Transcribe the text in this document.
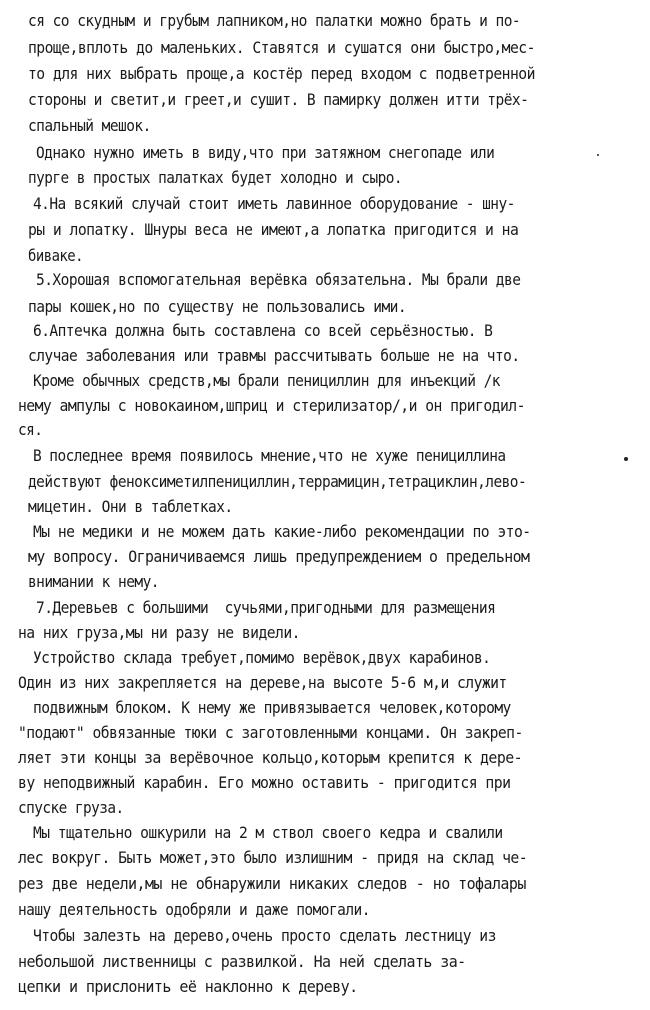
ся со скудным и грубым лапником,но палатки можно брать и по-
проще,вплоть до маленьких. Ставятся и сушатся они быстро,мес-
то для них выбрать проще,а костёр перед входом с подветренной
стороны и светит,и греет,и сушит. В памирку должен итти трёх-
спальный мешок.
Однако нужно иметь в виду,что при затяжном снегопаде или
пурге в простых палатках будет холодно и сыро.
4.На всякий случай стоит иметь лавинное оборудование - шну-
ры и лопатку. Шнуры веса не имеют,а лопатка пригодится и на
биваке.
5.Хорошая вспомогательная верёвка обязательна. Мы брали две
пары кошек,но по существу не пользовались ими.
6.Аптечка должна быть составлена со всей серьёзностью. В
случае заболевания или травмы рассчитывать больше не на что.
Кроме обычных средств,мы брали пенициллин для инъекций /к
нему ампулы с новокаином,шприц и стерилизатор/,и он пригодил-
ся.
В последнее время появилось мнение,что не хуже пенициллина
действуют феноксиметилпенициллин,террамицин,тетрациклин,лево-
мицетин. Они в таблетках.
Мы не медики и не можем дать какие-либо рекомендации по это-
му вопросу. Ограничиваемся лишь предупреждением о предельном
внимании к нему.
7.Деревьев с большими  сучьями,пригодными для размещения
на них груза,мы ни разу не видели.
Устройство склада требует,помимо верёвок,двух карабинов.
Один из них закрепляется на дереве,на высоте 5-6 м,и служит
подвижным блоком. К нему же привязывается человек,которому
"подают" обвязанные тюки с заготовленными концами. Он закреп-
ляет эти концы за верёвочное кольцо,которым крепится к дере-
ву неподвижный карабин. Его можно оставить - пригодится при
спуске груза.
Мы тщательно ошкурили на 2 м ствол своего кедра и свалили
лес вокруг. Быть может,это было излишним - придя на склад че-
рез две недели,мы не обнаружили никаких следов - но тофалары
нашу деятельность одобряли и даже помогали.
Чтобы залезть на дерево,очень просто сделать лестницу из
небольшой лиственницы с развилкой. На ней сделать за-
цепки и прислонить её наклонно к дереву.
